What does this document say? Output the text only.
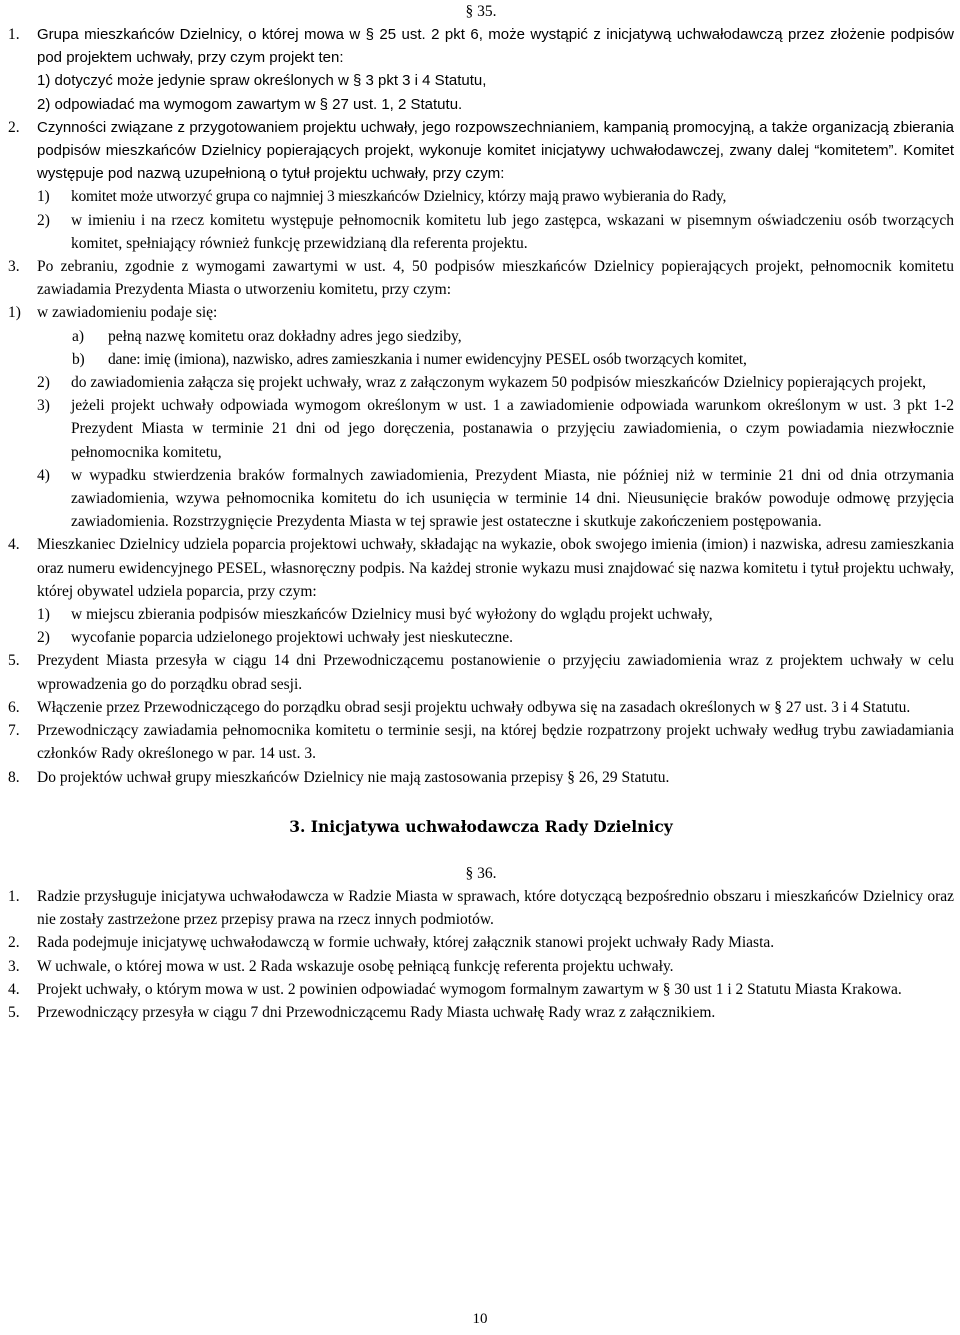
§ 35.

1. Grupa mieszkańców Dzielnicy, o której mowa w § 25 ust. 2 pkt 6, może wystąpić z inicjatywą uchwałodawczą przez złożenie podpisów pod projektem uchwały, przy czym projekt ten:
1) dotyczyć może jedynie spraw określonych w § 3 pkt 3 i 4 Statutu,
2) odpowiadać ma wymogom zawartym w § 27 ust. 1, 2 Statutu.
2. Czynności związane z przygotowaniem projektu uchwały, jego rozpowszechnianiem, kampanią promocyjną, a także organizacją zbierania podpisów mieszkańców Dzielnicy popierających projekt, wykonuje komitet inicjatywy uchwałodawczej, zwany dalej “komitetem”. Komitet występuje pod nazwą uzupełnioną o tytuł projektu uchwały, przy czym:
1) komitet może utworzyć grupa co najmniej 3 mieszkańców Dzielnicy, którzy mają prawo wybierania do Rady,
2) w imieniu i na rzecz komitetu występuje pełnomocnik komitetu lub jego zastępca, wskazani w pisemnym oświadczeniu osób tworzących komitet, spełniający również funkcję przewidzianą dla referenta projektu.
3. Po zebraniu, zgodnie z wymogami zawartymi w ust. 4, 50 podpisów mieszkańców Dzielnicy popierających projekt, pełnomocnik komitetu zawiadamia Prezydenta Miasta o utworzeniu komitetu, przy czym:
1) w zawiadomieniu podaje się:
a) pełną nazwę komitetu oraz dokładny adres jego siedziby,
b) dane: imię (imiona), nazwisko, adres zamieszkania i numer ewidencyjny PESEL osób tworzących komitet,
2) do zawiadomienia załącza się projekt uchwały, wraz z załączonym wykazem 50 podpisów mieszkańców Dzielnicy popierających projekt,
3) jeżeli projekt uchwały odpowiada wymogom określonym w ust. 1 a zawiadomienie odpowiada warunkom określonym w ust. 3 pkt 1-2 Prezydent Miasta w terminie 21 dni od jego doręczenia, postanawia o przyjęciu zawiadomienia, o czym powiadamia niezwłocznie pełnomocnika komitetu,
4) w wypadku stwierdzenia braków formalnych zawiadomienia, Prezydent Miasta, nie później niż w terminie 21 dni od dnia otrzymania zawiadomienia, wzywa pełnomocnika komitetu do ich usunięcia w terminie 14 dni. Nieusunięcie braków powoduje odmowę przyjęcia zawiadomienia. Rozstrzygnięcie Prezydenta Miasta w tej sprawie jest ostateczne i skutkuje zakończeniem postępowania.
4. Mieszkaniec Dzielnicy udziela poparcia projektowi uchwały, składając na wykazie, obok swojego imienia (imion) i nazwiska, adresu zamieszkania oraz numeru ewidencyjnego PESEL, własnoręczny podpis. Na każdej stronie wykazu musi znajdować się nazwa komitetu i tytuł projektu uchwały, której obywatel udziela poparcia, przy czym:
1) w miejscu zbierania podpisów mieszkańców Dzielnicy musi być wyłożony do wglądu projekt uchwały,
2) wycofanie poparcia udzielonego projektowi uchwały jest nieskuteczne.
5. Prezydent Miasta przesyła w ciągu 14 dni Przewodniczącemu postanowienie o przyjęciu zawiadomienia wraz z projektem uchwały w celu wprowadzenia go do porządku obrad sesji.
6. Włączenie przez Przewodniczącego do porządku obrad sesji projektu uchwały odbywa się na zasadach określonych w § 27 ust. 3 i 4 Statutu.
7. Przewodniczący zawiadamia pełnomocnika komitetu o terminie sesji, na której będzie rozpatrzony projekt uchwały według trybu zawiadamiania członków Rady określonego w par. 14 ust. 3.
8. Do projektów uchwał grupy mieszkańców Dzielnicy nie mają zastosowania przepisy § 26, 29 Statutu.

3. Inicjatywa uchwałodawcza Rady Dzielnicy

§ 36.

1. Radzie przysługuje inicjatywa uchwałodawcza w Radzie Miasta w sprawach, które dotyczącą bezpośrednio obszaru i mieszkańców Dzielnicy oraz nie zostały zastrzeżone przez przepisy prawa na rzecz innych podmiotów.
2. Rada podejmuje inicjatywę uchwałodawczą w formie uchwały, której załącznik stanowi projekt uchwały Rady Miasta.
3. W uchwale, o której mowa w ust. 2 Rada wskazuje osobę pełniącą funkcję referenta projektu uchwały.
4. Projekt uchwały, o którym mowa w ust. 2 powinien odpowiadać wymogom formalnym zawartym w § 30 ust 1 i 2 Statutu Miasta Krakowa.
5. Przewodniczący przesyła w ciągu 7 dni Przewodniczącemu Rady Miasta uchwałę Rady wraz z załącznikiem.
10
